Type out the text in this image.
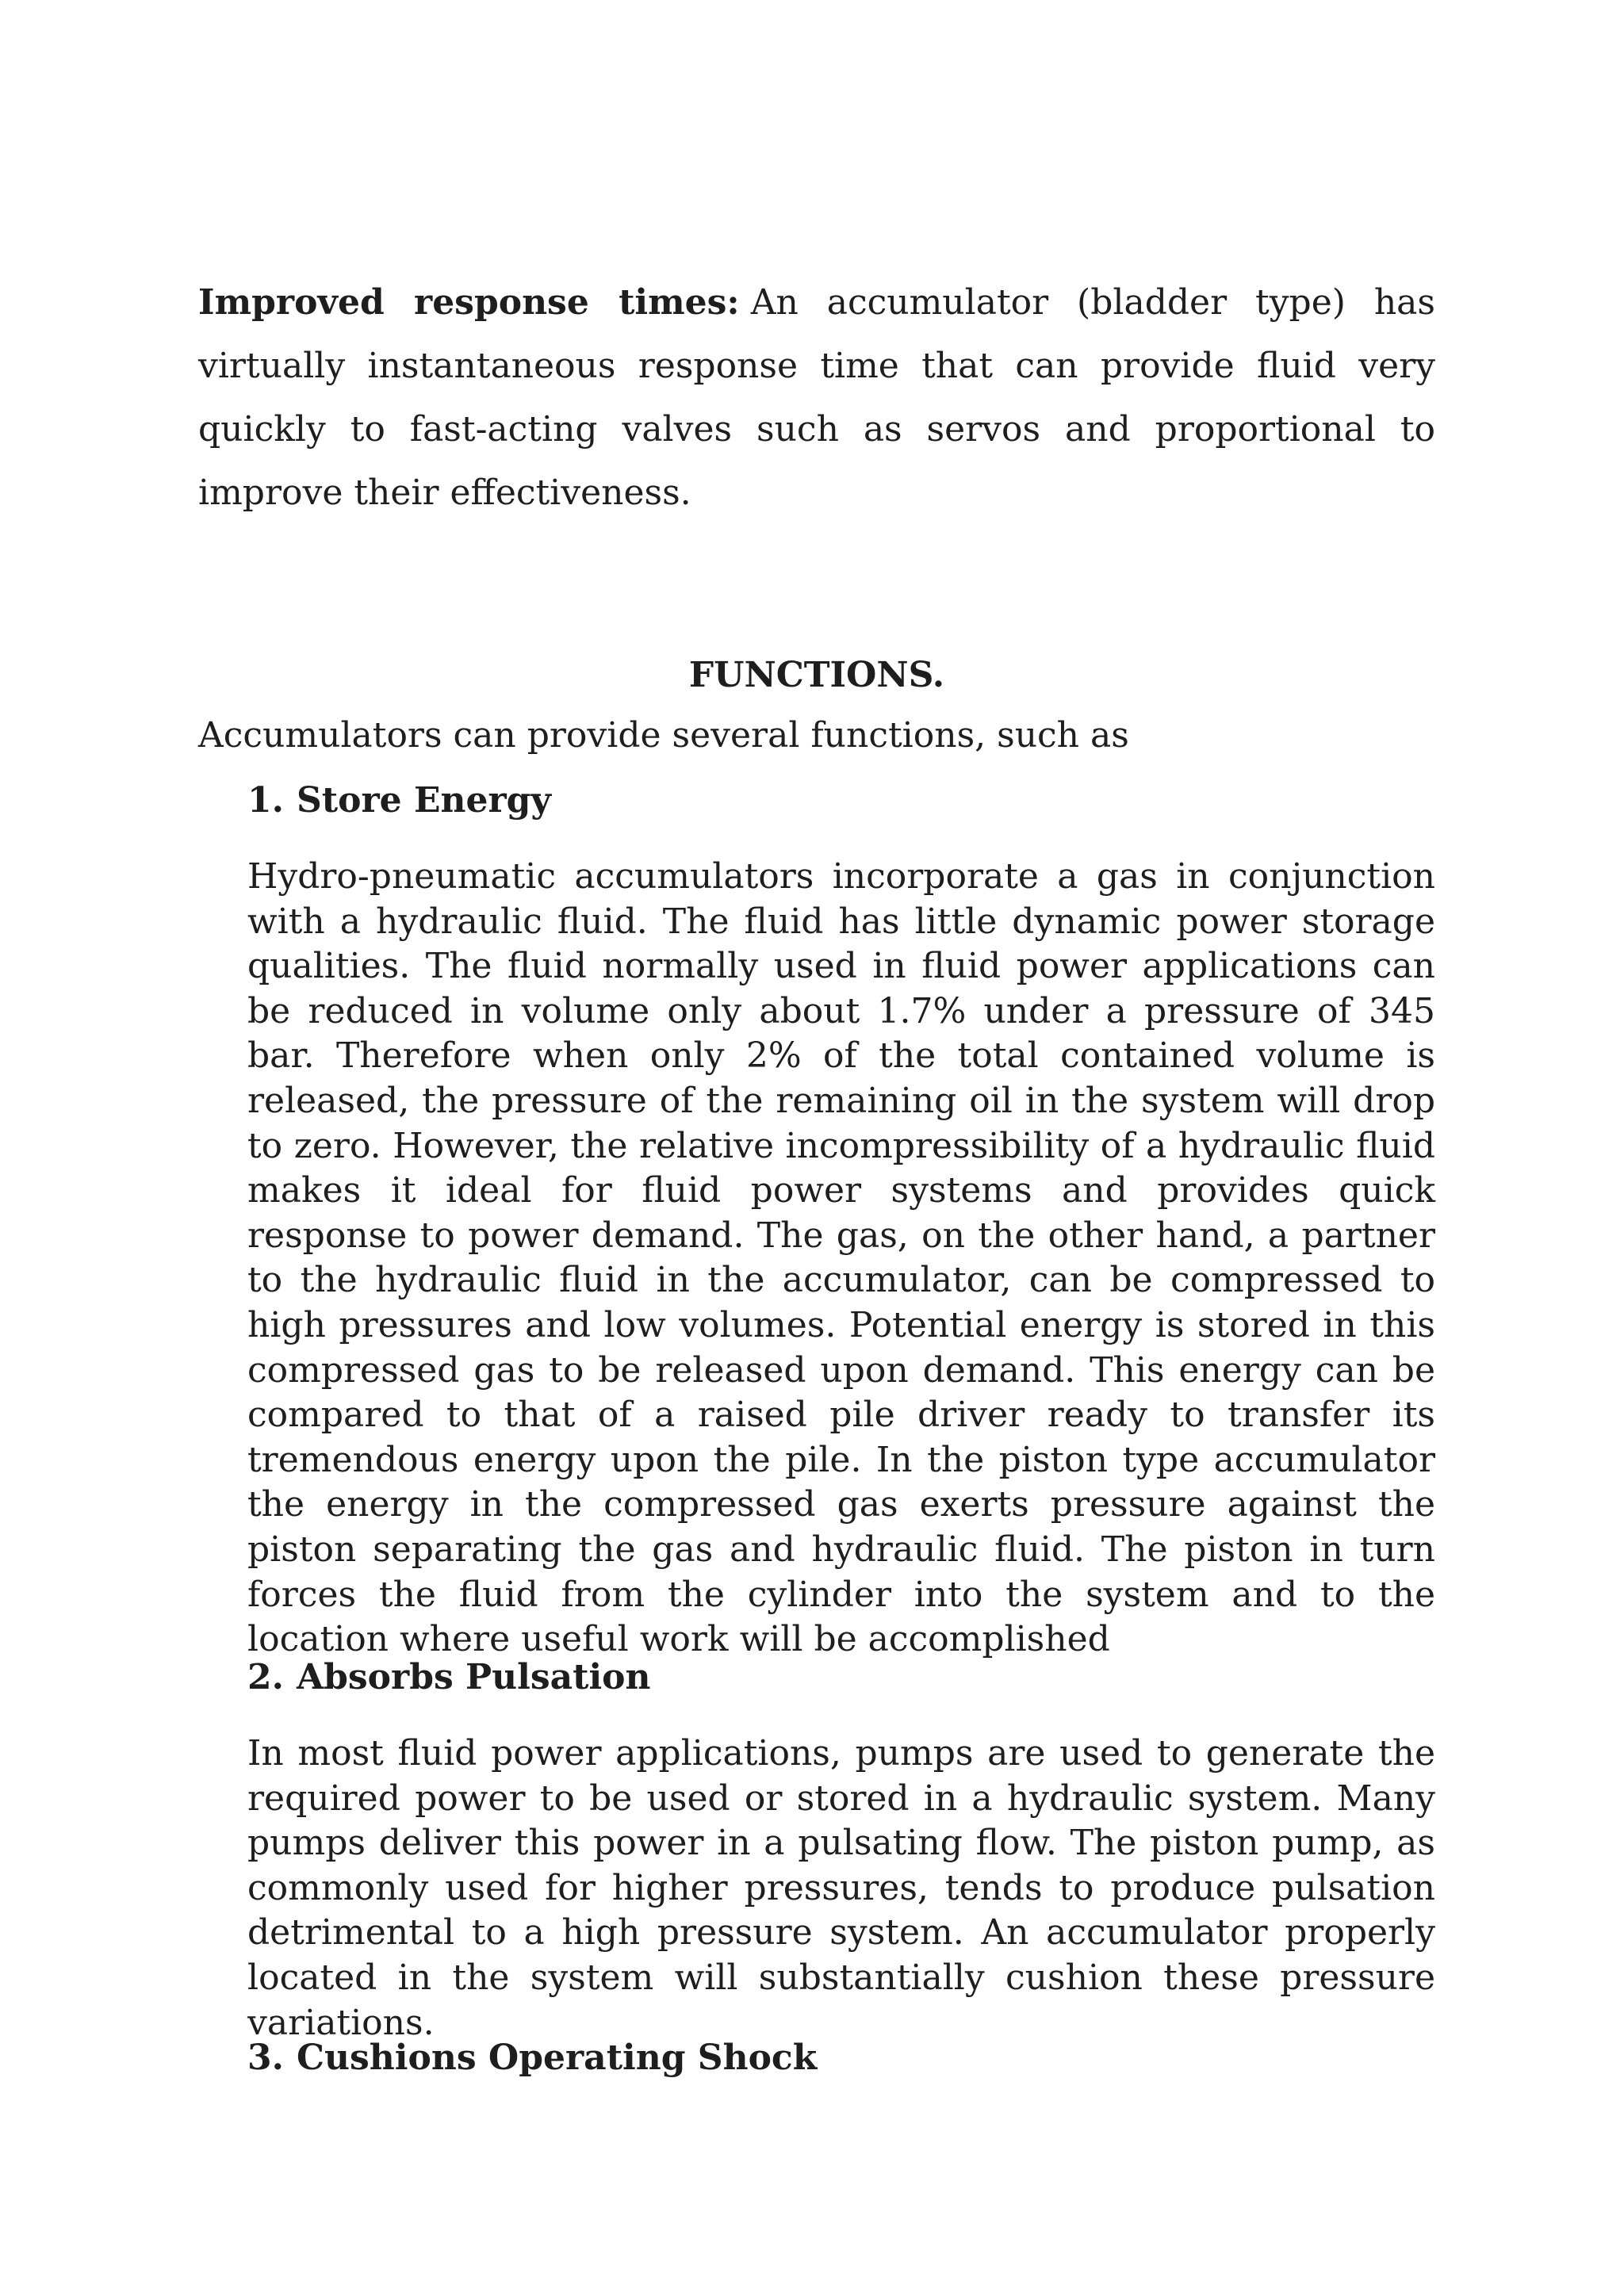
Improved response times: An accumulator (bladder type) has virtually instantaneous response time that can provide fluid very quickly to fast-acting valves such as servos and proportional to improve their effectiveness.

FUNCTIONS.

Accumulators can provide several functions, such as

1. Store Energy

Hydro-pneumatic accumulators incorporate a gas in conjunction with a hydraulic fluid. The fluid has little dynamic power storage qualities. The fluid normally used in fluid power applications can be reduced in volume only about 1.7% under a pressure of 345 bar. Therefore when only 2% of the total contained volume is released, the pressure of the remaining oil in the system will drop to zero. However, the relative incompressibility of a hydraulic fluid makes it ideal for fluid power systems and provides quick response to power demand. The gas, on the other hand, a partner to the hydraulic fluid in the accumulator, can be compressed to high pressures and low volumes. Potential energy is stored in this compressed gas to be released upon demand. This energy can be compared to that of a raised pile driver ready to transfer its tremendous energy upon the pile. In the piston type accumulator the energy in the compressed gas exerts pressure against the piston separating the gas and hydraulic fluid. The piston in turn forces the fluid from the cylinder into the system and to the location where useful work will be accomplished

2. Absorbs Pulsation

In most fluid power applications, pumps are used to generate the required power to be used or stored in a hydraulic system. Many pumps deliver this power in a pulsating flow. The piston pump, as commonly used for higher pressures, tends to produce pulsation detrimental to a high pressure system. An accumulator properly located in the system will substantially cushion these pressure variations.

3. Cushions Operating Shock
